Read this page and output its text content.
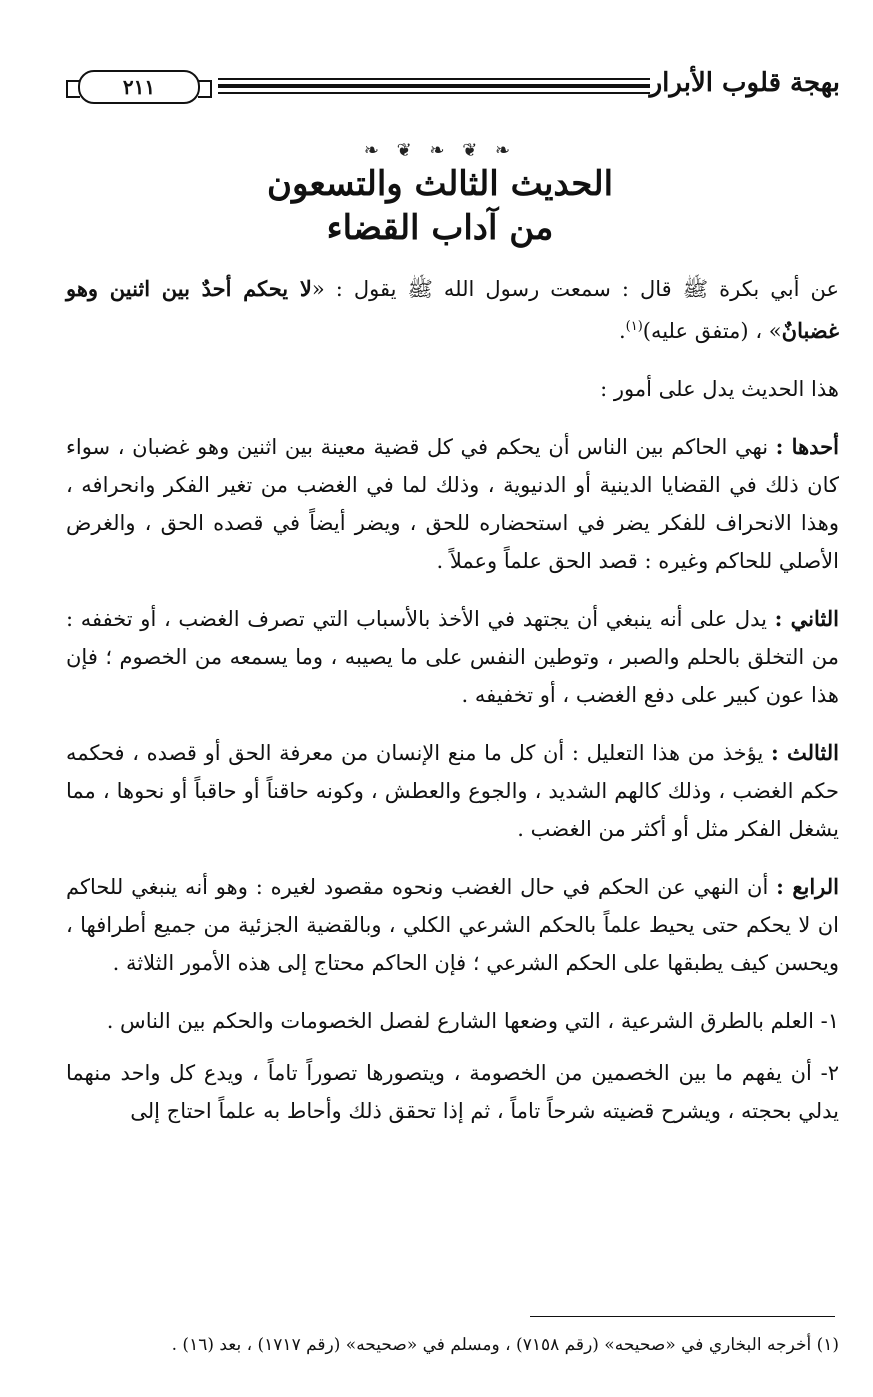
بهجة قلوب الأبرار
٢١١
❧ ❦ ❧ ❦ ❧
الحديث الثالث والتسعون
من آداب القضاء

عن أبي بكرة ﷺ قال : سمعت رسول الله ﷺ يقول : «لا يحكم أحدٌ بين اثنين وهو غضبانٌ» ، (متفق عليه)$^{(١)}$.

هذا الحديث يدل على أمور :

أحدها : نهي الحاكم بين الناس أن يحكم في كل قضية معينة بين اثنين وهو غضبان ، سواء كان ذلك في القضايا الدينية أو الدنيوية ، وذلك لما في الغضب من تغير الفكر وانحرافه ، وهذا الانحراف للفكر يضر في استحضاره للحق ، ويضر أيضاً في قصده الحق ، والغرض الأصلي للحاكم وغيره : قصد الحق علماً وعملاً .

الثاني : يدل على أنه ينبغي أن يجتهد في الأخذ بالأسباب التي تصرف الغضب ، أو تخففه : من التخلق بالحلم والصبر ، وتوطين النفس على ما يصيبه ، وما يسمعه من الخصوم ؛ فإن هذا عون كبير على دفع الغضب ، أو تخفيفه .

الثالث : يؤخذ من هذا التعليل : أن كل ما منع الإنسان من معرفة الحق أو قصده ، فحكمه حكم الغضب ، وذلك كالهم الشديد ، والجوع والعطش ، وكونه حاقناً أو حاقباً أو نحوها ، مما يشغل الفكر مثل أو أكثر من الغضب .

الرابع : أن النهي عن الحكم في حال الغضب ونحوه مقصود لغيره : وهو أنه ينبغي للحاكم ان لا يحكم حتى يحيط علماً بالحكم الشرعي الكلي ، وبالقضية الجزئية من جميع أطرافها ، ويحسن كيف يطبقها على الحكم الشرعي ؛ فإن الحاكم محتاج إلى هذه الأمور الثلاثة .

١- العلم بالطرق الشرعية ، التي وضعها الشارع لفصل الخصومات والحكم بين الناس .

٢- أن يفهم ما بين الخصمين من الخصومة ، ويتصورها تصوراً تاماً ، ويدع كل واحد منهما يدلي بحجته ، ويشرح قضيته شرحاً تاماً ، ثم إذا تحقق ذلك وأحاط به علماً احتاج إلى

(١) أخرجه البخاري في «صحيحه» (رقم ٧١٥٨) ، ومسلم في «صحيحه» (رقم ١٧١٧) ، بعد (١٦) .
